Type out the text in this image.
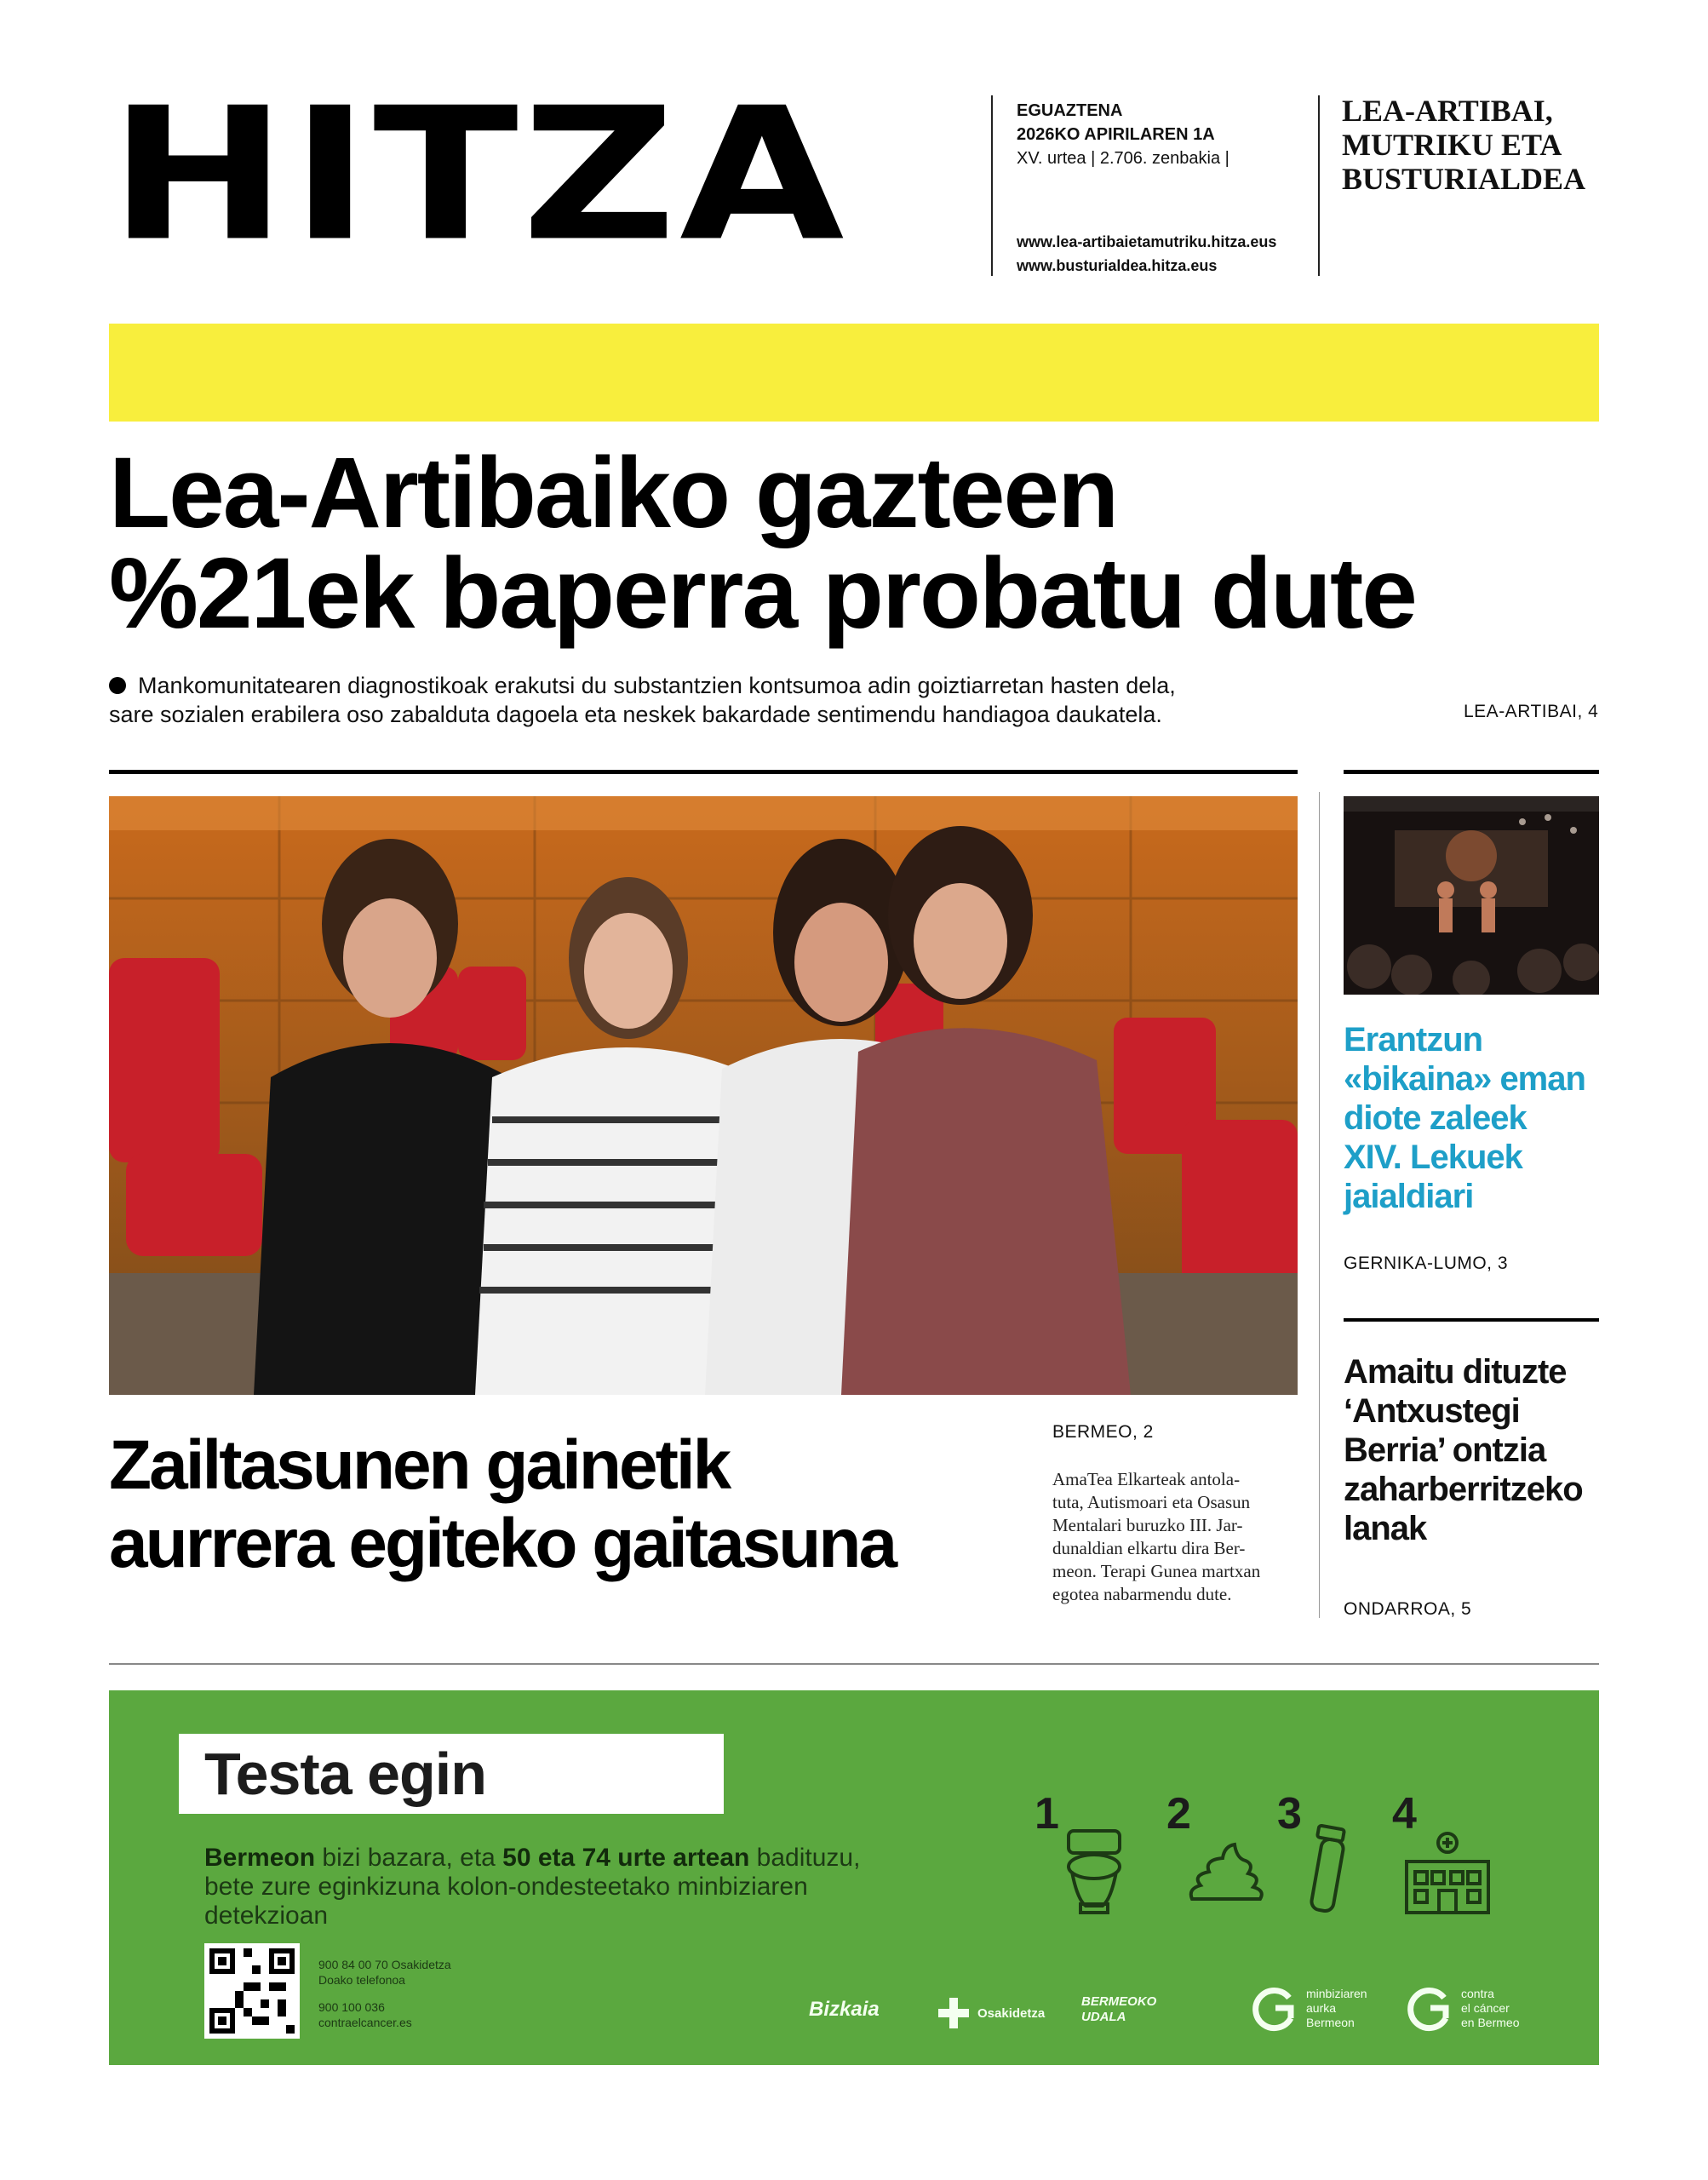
HITZA	EGUAZTENA
2026KO APIRILAREN 1A
XV. urtea | 2.706. zenbakia |
www.lea-artibaietamutriku.hitza.eus
www.busturialdea.hitza.eus
LEA-ARTIBAI,
MUTRIKU ETA
BUSTURIALDEA
Lea-Artibaiko gazteen
%21ek baperra probatu dute
Mankomunitatearen diagnostikoak erakutsi du substantzien kontsumoa adin goiztiarretan hasten dela,
sare sozialen erabilera oso zabalduta dagoela eta neskek bakardade sentimendu handiagoa daukatela.	LEA-ARTIBAI, 4
Zailtasunen gainetik
aurrera egiteko gaitasuna
BERMEO, 2
AmaTea Elkarteak antola-
tuta, Autismoari eta Osasun
Mentalari buruzko III. Jar-
dunaldian elkartu dira Ber-
meon. Terapi Gunea martxan
egotea nabarmendu dute.
Erantzun
«bikaina» eman
diote zaleek
XIV. Lekuek
jaialdiari
GERNIKA-LUMO, 3
Amaitu dituzte
‘Antxustegi
Berria’ ontzia
zaharberritzeko
lanak
ONDARROA, 5
Testa egin
Bermeon bizi bazara, eta 50 eta 74 urte artean badituzu,
bete zure eginkizuna kolon-ondesteetako minbiziaren
detekzioan
900 84 00 70 Osakidetza
Doako telefonoa
900 100 036
contraelcancer.es
1 2 3 4
Bizkaia	Osakidetza
BERMEOKO
UDALA
minbiziaren
aurka
Bermeon
contra
el cáncer
en Bermeo
